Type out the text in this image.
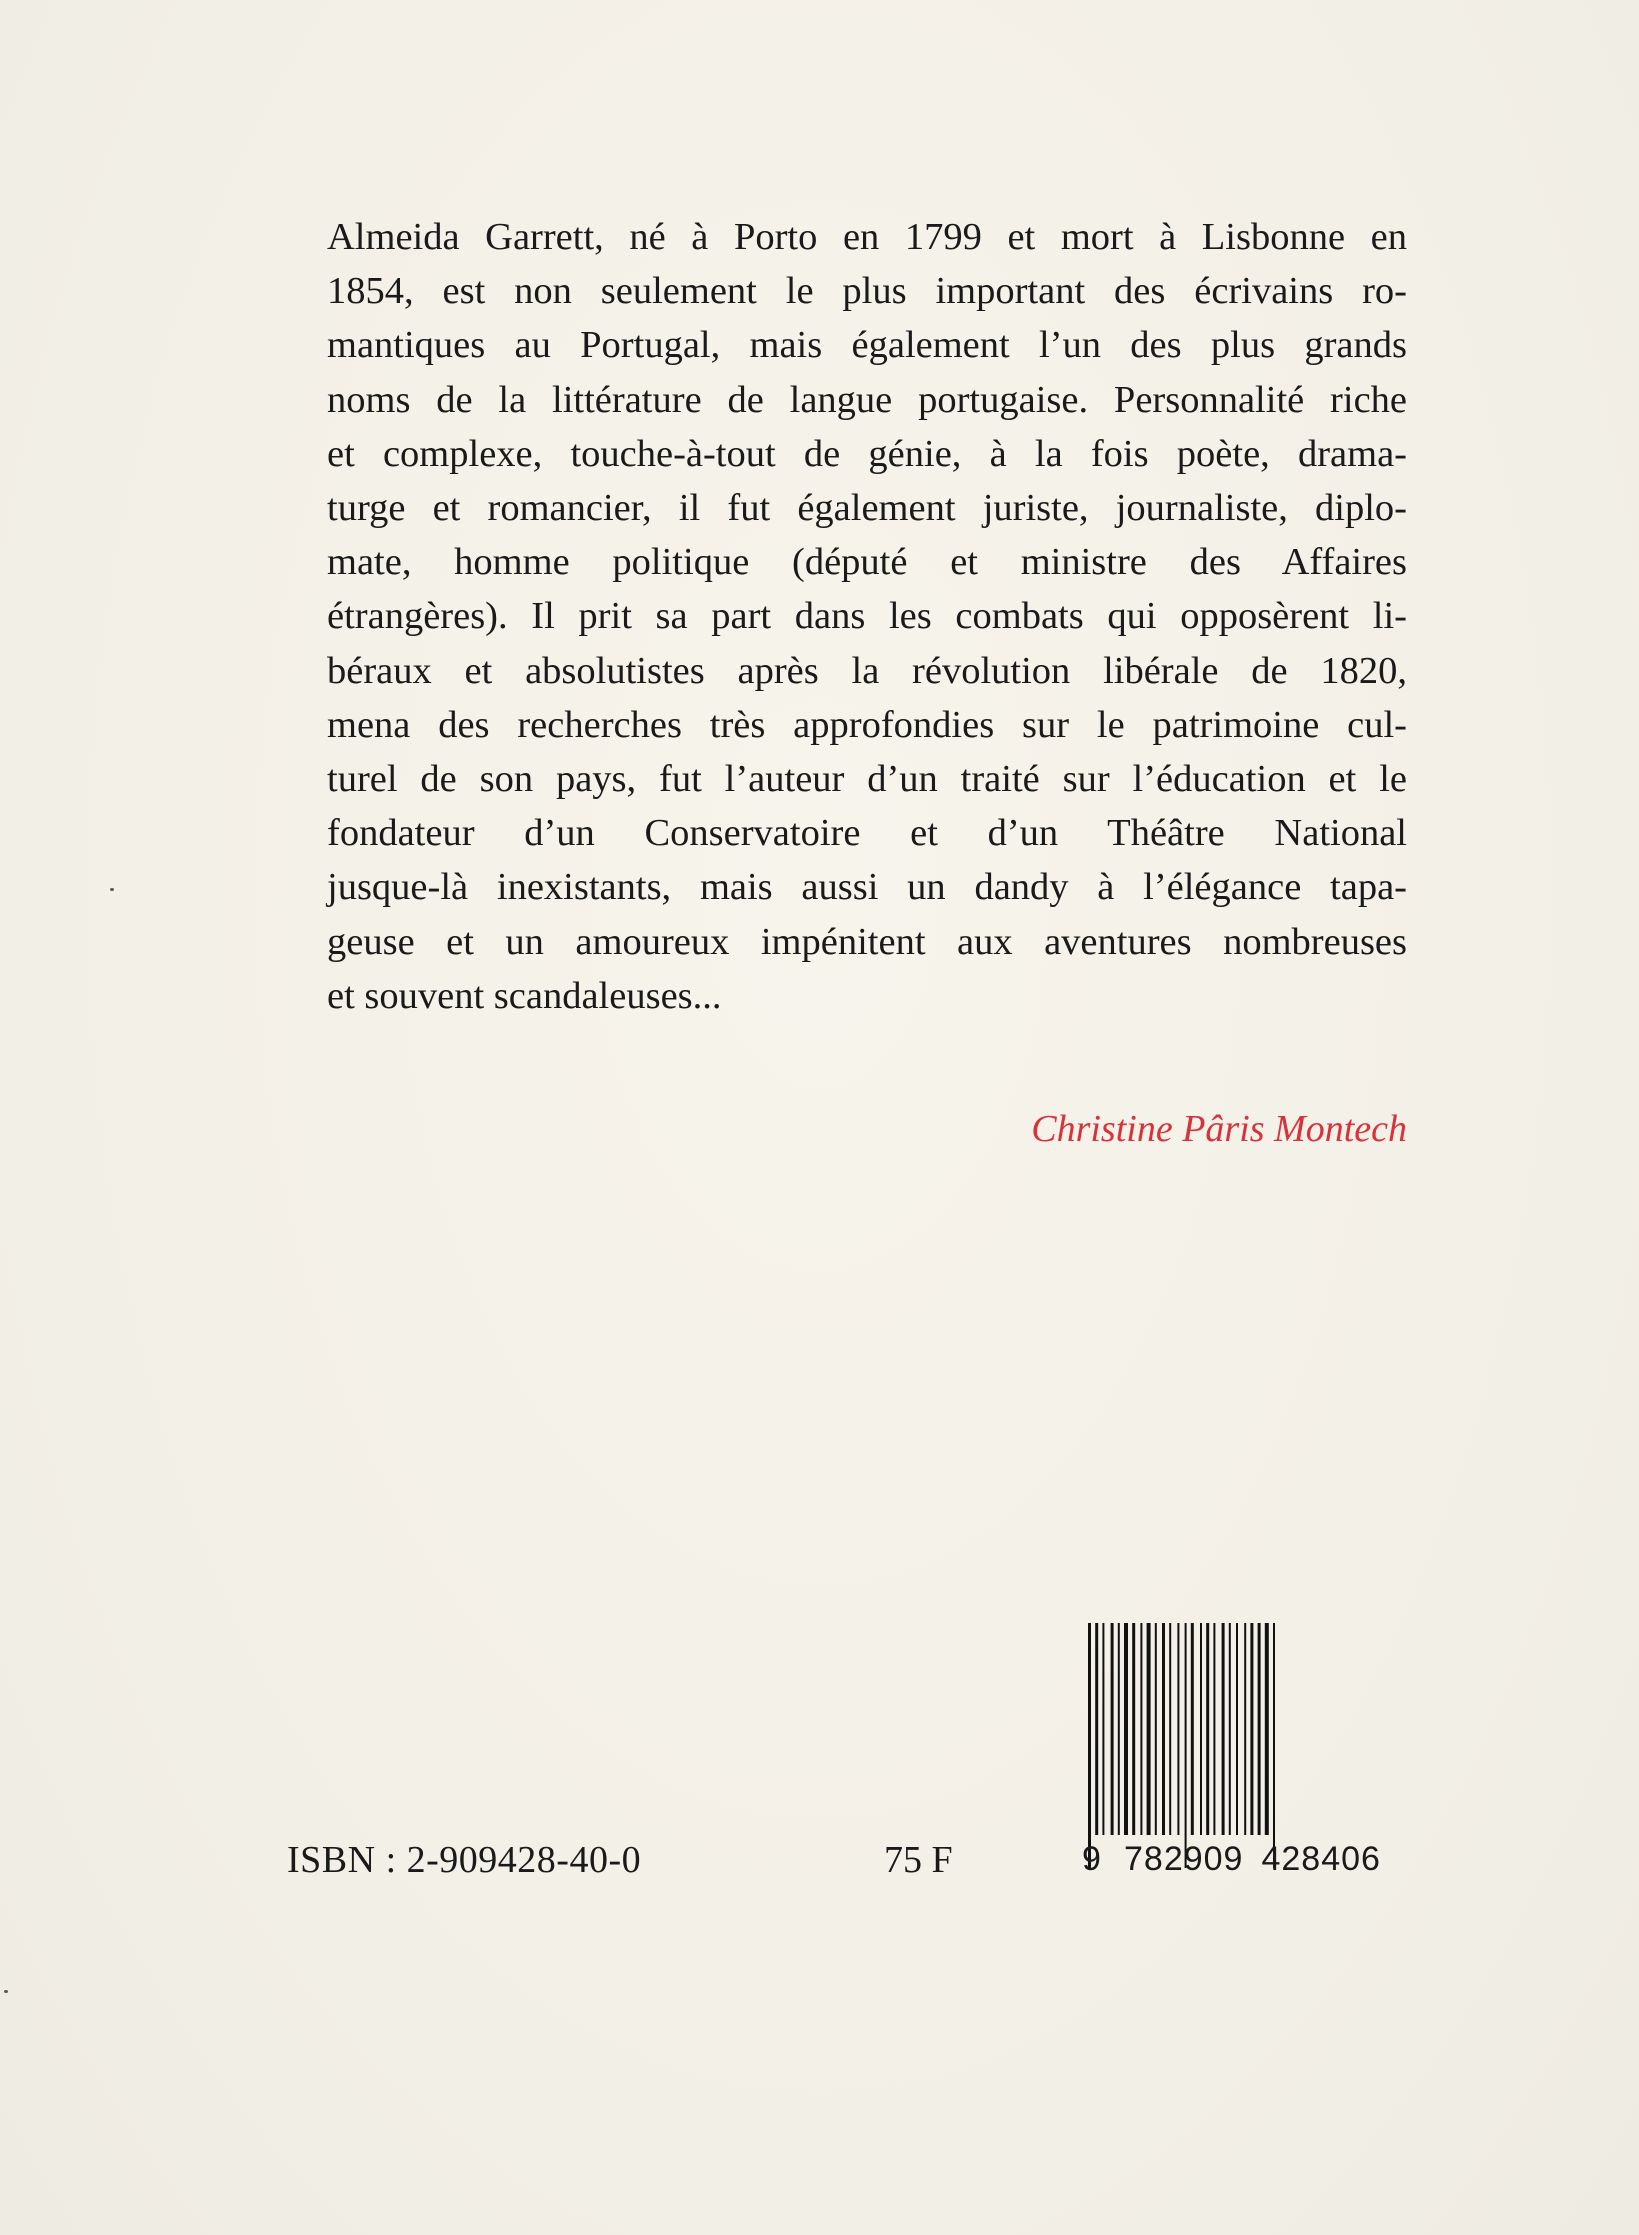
Almeida Garrett, né à Porto en 1799 et mort à Lisbonne en
1854, est non seulement le plus important des écrivains ro-
mantiques au Portugal, mais également l’un des plus grands
noms de la littérature de langue portugaise. Personnalité riche
et complexe, touche-à-tout de génie, à la fois poète, drama-
turge et romancier, il fut également juriste, journaliste, diplo-
mate, homme politique (député et ministre des Affaires
étrangères). Il prit sa part dans les combats qui opposèrent li-
béraux et absolutistes après la révolution libérale de 1820,
mena des recherches très approfondies sur le patrimoine cul-
turel de son pays, fut l’auteur d’un traité sur l’éducation et le
fondateur d’un Conservatoire et d’un Théâtre National
jusque-là inexistants, mais aussi un dandy à l’élégance tapa-
geuse et un amoureux impénitent aux aventures nombreuses
et souvent scandaleuses...

Christine Pâris Montech

9 782909 428406

ISBN : 2-909428-40-0	75 F
